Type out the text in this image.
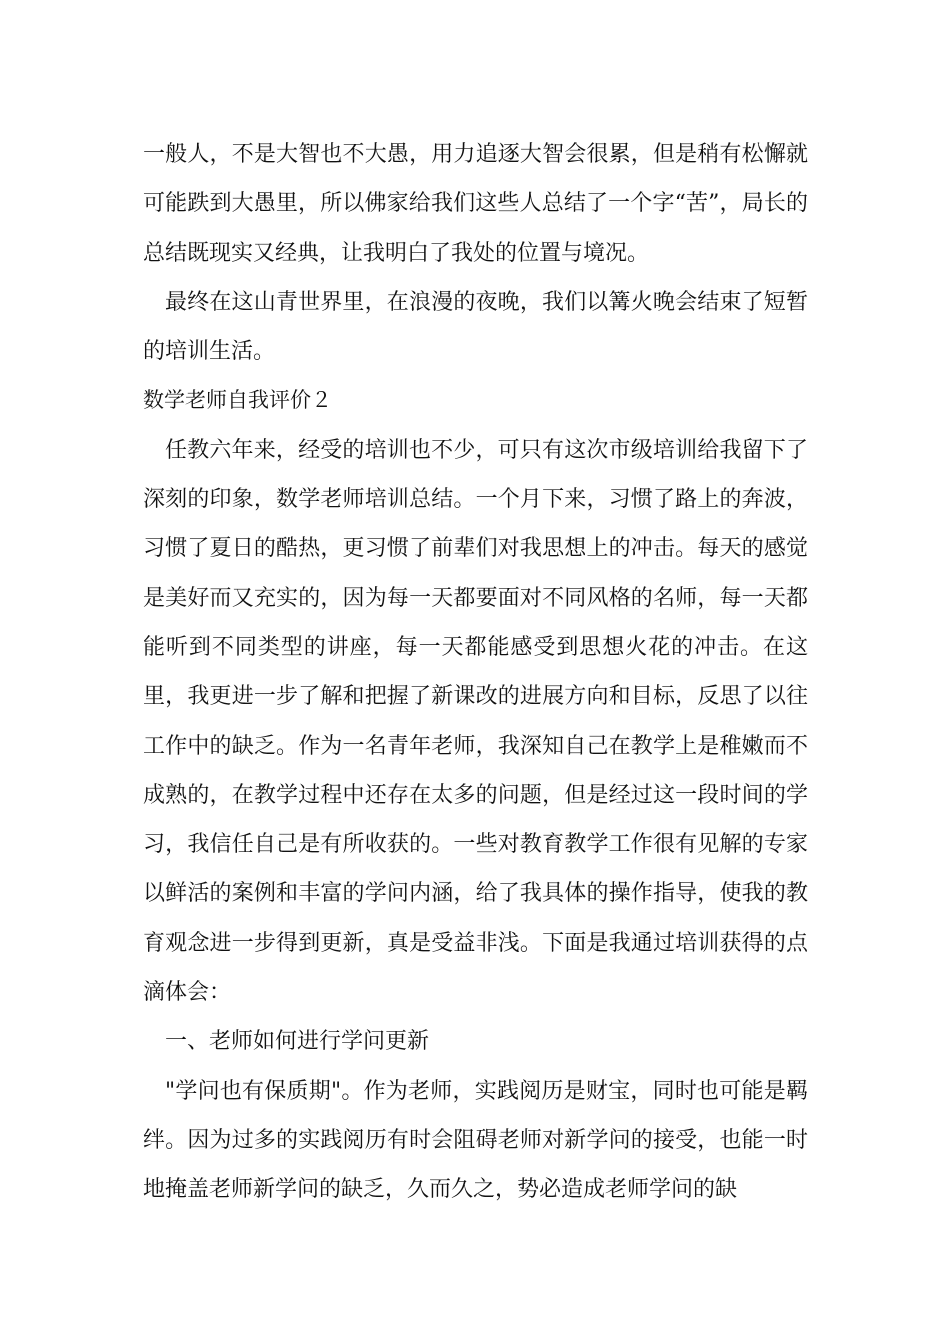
一般人，不是大智也不大愚，用力追逐大智会很累，但是稍有松懈就可能跌到大愚里，所以佛家给我们这些人总结了一个字“苦”，局长的总结既现实又经典，让我明白了我处的位置与境况。

最终在这山青世界里，在浪漫的夜晚，我们以篝火晚会结束了短暂的培训生活。

数学老师自我评价２

任教六年来，经受的培训也不少，可只有这次市级培训给我留下了深刻的印象，数学老师培训总结。一个月下来，习惯了路上的奔波，习惯了夏日的酷热，更习惯了前辈们对我思想上的冲击。每天的感觉是美好而又充实的，因为每一天都要面对不同风格的名师，每一天都能听到不同类型的讲座，每一天都能感受到思想火花的冲击。在这里，我更进一步了解和把握了新课改的进展方向和目标，反思了以往工作中的缺乏。作为一名青年老师，我深知自己在教学上是稚嫩而不成熟的，在教学过程中还存在太多的问题，但是经过这一段时间的学习，我信任自己是有所收获的。一些对教育教学工作很有见解的专家以鲜活的案例和丰富的学问内涵，给了我具体的操作指导，使我的教育观念进一步得到更新，真是受益非浅。下面是我通过培训获得的点滴体会：

一、老师如何进行学问更新

"学问也有保质期"。作为老师，实践阅历是财宝，同时也可能是羁绊。因为过多的实践阅历有时会阻碍老师对新学问的接受，也能一时地掩盖老师新学问的缺乏，久而久之，势必造成老师学问的缺
